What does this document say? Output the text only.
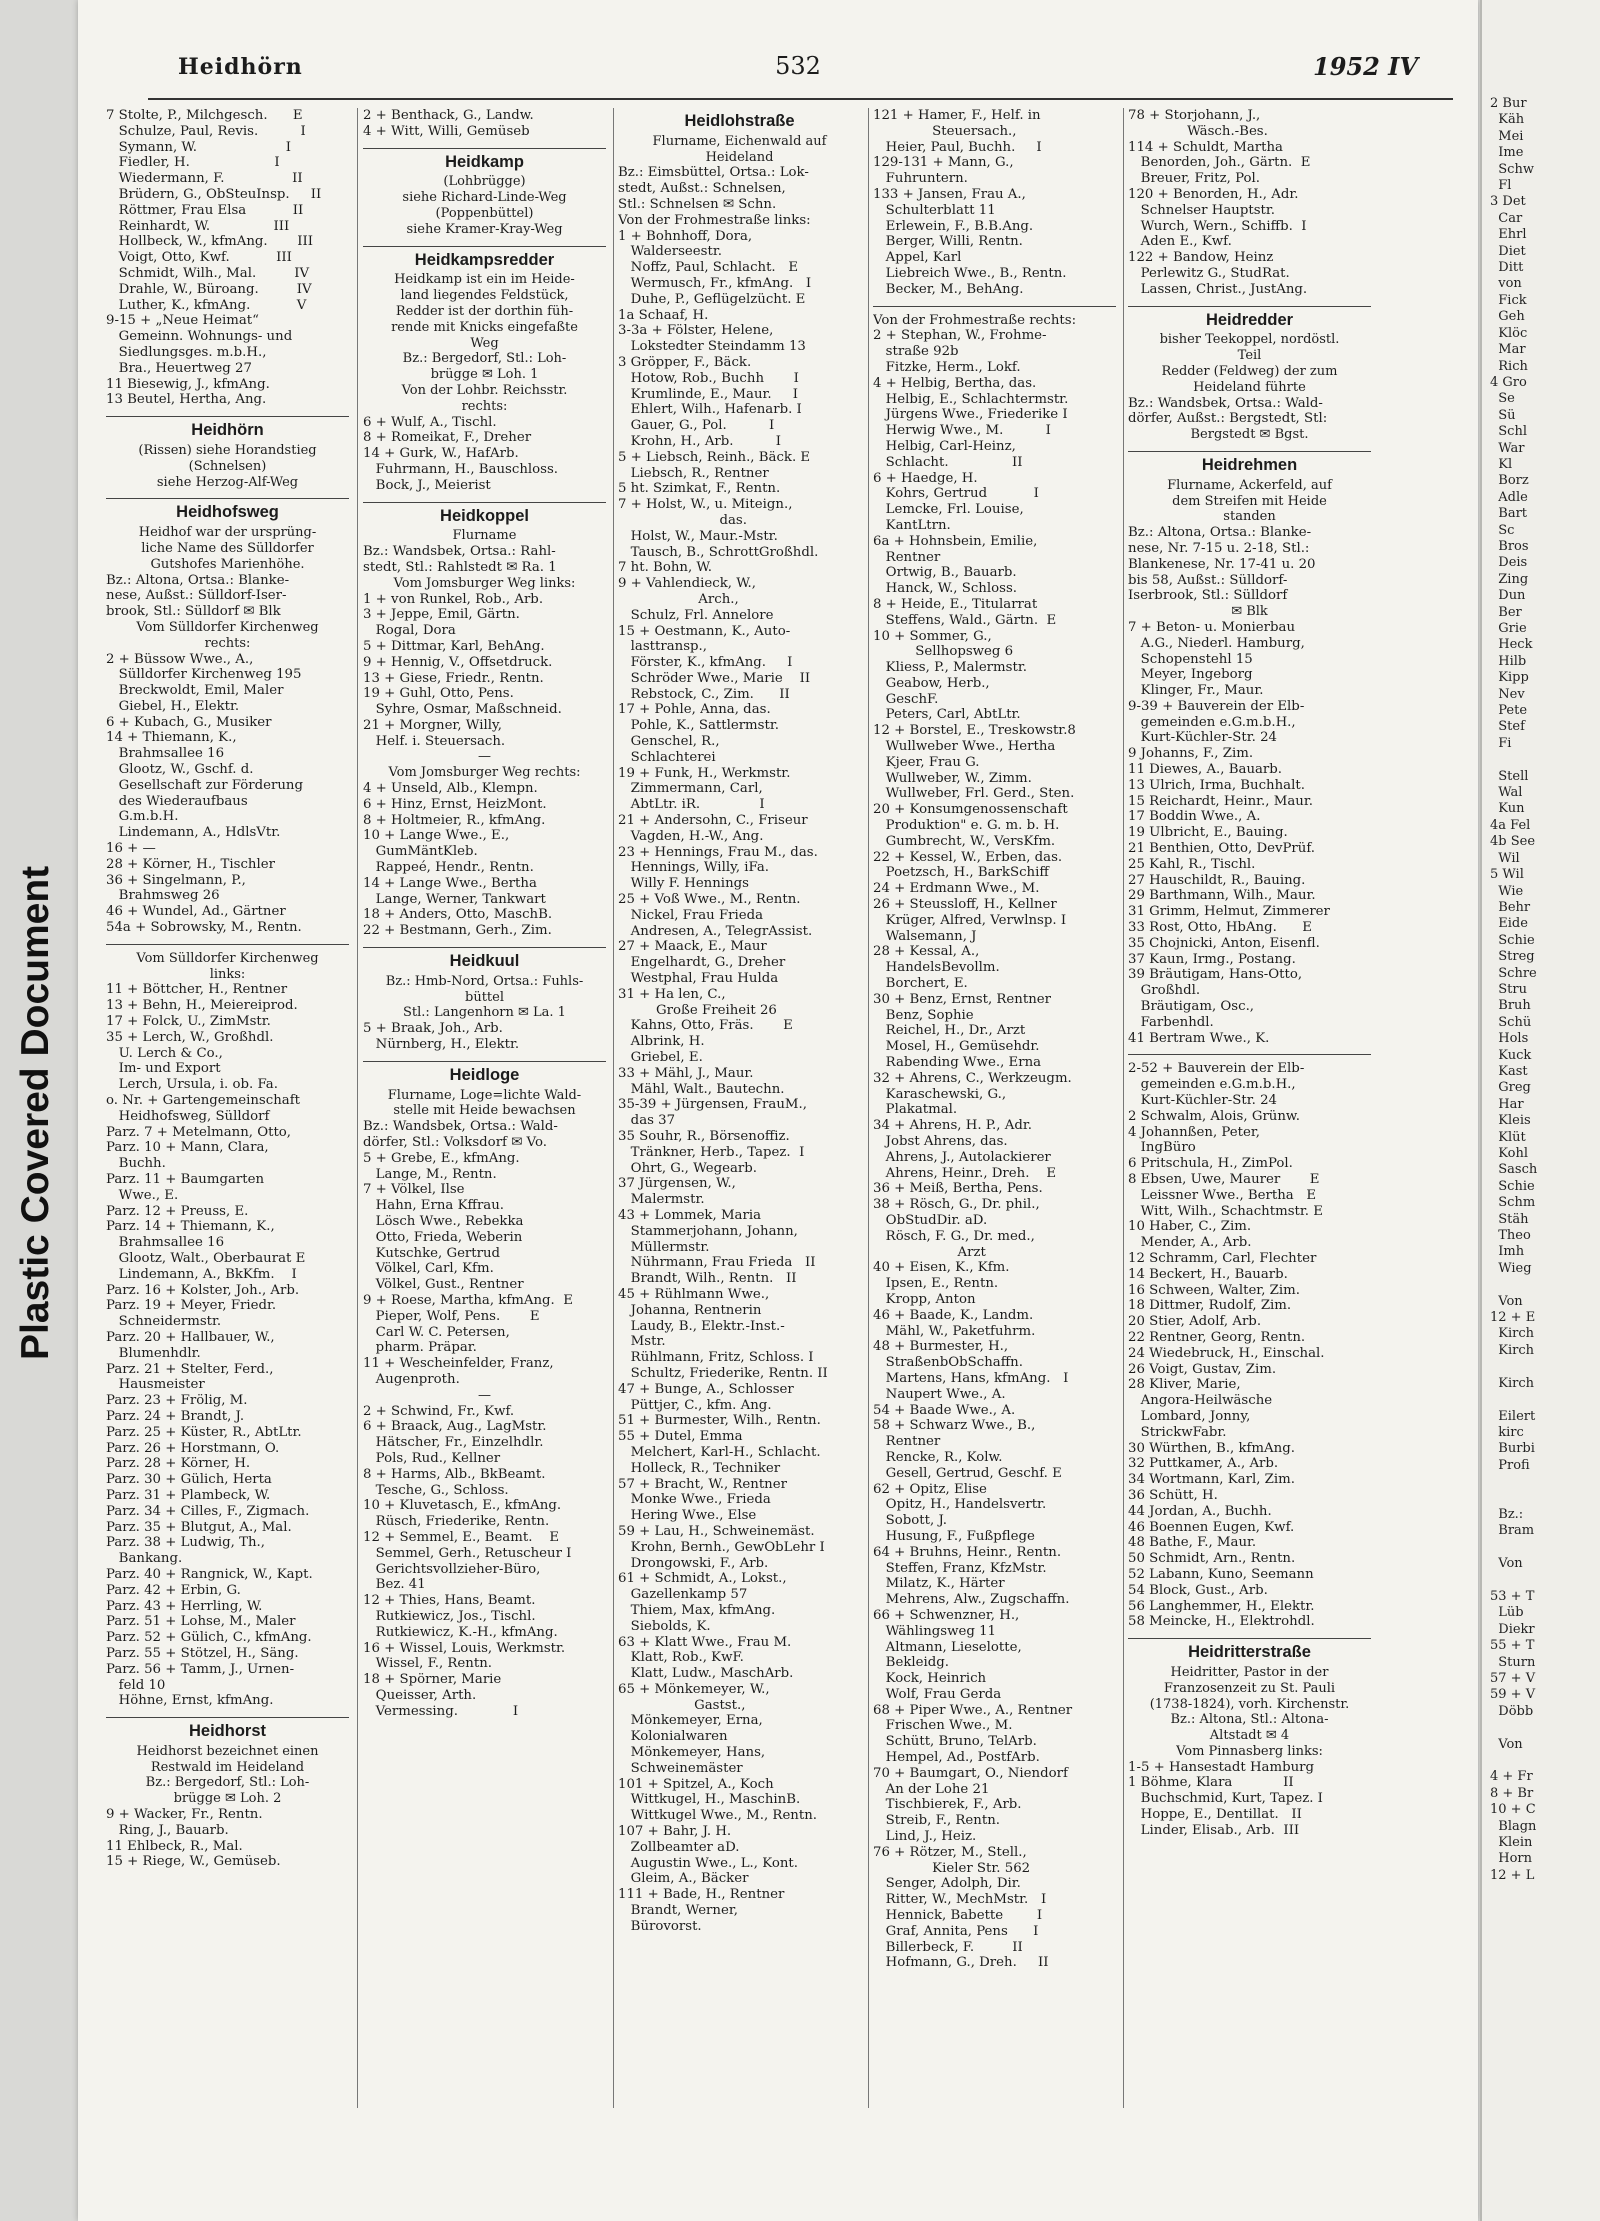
Heidhörn	532	1952 IV
7 Stolte, P., Milchgesch.      E
Schulze, Paul, Revis.          I
Symann, W.                     I
Fiedler, H.                    I
Wiedermann, F.                II
Brüdern, G., ObSteuInsp.     II
Röttmer, Frau Elsa           II
Reinhardt, W.               III
Hollbeck, W., kfmAng.       III
Voigt, Otto, Kwf.           III
Schmidt, Wilh., Mal.         IV
Drahle, W., Büroang.         IV
Luther, K., kfmAng.           V
9-15 + „Neue Heimat“
Gemeinn. Wohnungs- und
Siedlungsges. m.b.H.,
Bra., Heuertweg 27
11 Biesewig, J., kfmAng.
13 Beutel, Hertha, Ang.
Heidhörn
(Rissen) siehe Horandstieg
(Schnelsen)
siehe Herzog-Alf-Weg
Heidhofsweg
Heidhof war der ursprüng-
liche Name des Sülldorfer
Gutshofes Marienhöhe.
Bz.: Altona, Ortsa.: Blanke-
nese, Außst.: Sülldorf-Iser-
brook, Stl.: Sülldorf ✉ Blk
Vom Sülldorfer Kirchenweg
rechts:
2 + Büssow Wwe., A.,
Sülldorfer Kirchenweg 195
Breckwoldt, Emil, Maler
Giebel, H., Elektr.
6 + Kubach, G., Musiker
14 + Thiemann, K.,
Brahmsallee 16
Glootz, W., Gschf. d.
Gesellschaft zur Förderung
des Wiederaufbaus
G.m.b.H.
Lindemann, A., HdlsVtr.
16 + —
28 + Körner, H., Tischler
36 + Singelmann, P.,
Brahmsweg 26
46 + Wundel, Ad., Gärtner
54a + Sobrowsky, M., Rentn.
Vom Sülldorfer Kirchenweg
links:
11 + Böttcher, H., Rentner
13 + Behn, H., Meiereiprod.
17 + Folck, U., ZimMstr.
35 + Lerch, W., Großhdl.
U. Lerch & Co.,
Im- und Export
Lerch, Ursula, i. ob. Fa.
o. Nr. + Gartengemeinschaft
Heidhofsweg, Sülldorf
Parz. 7 + Metelmann, Otto,
Parz. 10 + Mann, Clara,
Buchh.
Parz. 11 + Baumgarten
Wwe., E.
Parz. 12 + Preuss, E.
Parz. 14 + Thiemann, K.,
Brahmsallee 16
Glootz, Walt., Oberbaurat E
Lindemann, A., BkKfm.    I
Parz. 16 + Kolster, Joh., Arb.
Parz. 19 + Meyer, Friedr.
Schneidermstr.
Parz. 20 + Hallbauer, W.,
Blumenhdlr.
Parz. 21 + Stelter, Ferd.,
Hausmeister
Parz. 23 + Frölig, M.
Parz. 24 + Brandt, J.
Parz. 25 + Küster, R., AbtLtr.
Parz. 26 + Horstmann, O.
Parz. 28 + Körner, H.
Parz. 30 + Gülich, Herta
Parz. 31 + Plambeck, W.
Parz. 34 + Cilles, F., Zigmach.
Parz. 35 + Blutgut, A., Mal.
Parz. 38 + Ludwig, Th.,
Bankang.
Parz. 40 + Rangnick, W., Kapt.
Parz. 42 + Erbin, G.
Parz. 43 + Herrling, W.
Parz. 51 + Lohse, M., Maler
Parz. 52 + Gülich, C., kfmAng.
Parz. 55 + Stötzel, H., Säng.
Parz. 56 + Tamm, J., Urnen-
feld 10
Höhne, Ernst, kfmAng.
Heidhorst
Heidhorst bezeichnet einen
Restwald im Heideland
Bz.: Bergedorf, Stl.: Loh-
brügge ✉ Loh. 2
9 + Wacker, Fr., Rentn.
Ring, J., Bauarb.
11 Ehlbeck, R., Mal.
15 + Riege, W., Gemüseb.
2 + Benthack, G., Landw.
4 + Witt, Willi, Gemüseb
Heidkamp
(Lohbrügge)
siehe Richard-Linde-Weg
(Poppenbüttel)
siehe Kramer-Kray-Weg
Heidkampsredder
Heidkamp ist ein im Heide-
land liegendes Feldstück,
Redder ist der dorthin füh-
rende mit Knicks eingefaßte
Weg
Bz.: Bergedorf, Stl.: Loh-
brügge ✉ Loh. 1
Von der Lohbr. Reichsstr.
rechts:
6 + Wulf, A., Tischl.
8 + Romeikat, F., Dreher
14 + Gurk, W., HafArb.
Fuhrmann, H., Bauschloss.
Bock, J., Meierist
Heidkoppel
Flurname
Bz.: Wandsbek, Ortsa.: Rahl-
stedt, Stl.: Rahlstedt ✉ Ra. 1
Vom Jomsburger Weg links:
1 + von Runkel, Rob., Arb.
3 + Jeppe, Emil, Gärtn.
Rogal, Dora
5 + Dittmar, Karl, BehAng.
9 + Hennig, V., Offsetdruck.
13 + Giese, Friedr., Rentn.
19 + Guhl, Otto, Pens.
Syhre, Osmar, Maßschneid.
21 + Morgner, Willy,
Helf. i. Steuersach.
—
Vom Jomsburger Weg rechts:
4 + Unseld, Alb., Klempn.
6 + Hinz, Ernst, HeizMont.
8 + Holtmeier, R., kfmAng.
10 + Lange Wwe., E.,
GumMäntKleb.
Rappeé, Hendr., Rentn.
14 + Lange Wwe., Bertha
Lange, Werner, Tankwart
18 + Anders, Otto, MaschB.
22 + Bestmann, Gerh., Zim.
Heidkuul
Bz.: Hmb-Nord, Ortsa.: Fuhls-
büttel
Stl.: Langenhorn ✉ La. 1
5 + Braak, Joh., Arb.
Nürnberg, H., Elektr.
Heidloge
Flurname, Loge=lichte Wald-
stelle mit Heide bewachsen
Bz.: Wandsbek, Ortsa.: Wald-
dörfer, Stl.: Volksdorf ✉ Vo.
5 + Grebe, E., kfmAng.
Lange, M., Rentn.
7 + Völkel, Ilse
Hahn, Erna Kffrau.
Lösch Wwe., Rebekka
Otto, Frieda, Weberin
Kutschke, Gertrud
Völkel, Carl, Kfm.
Völkel, Gust., Rentner
9 + Roese, Martha, kfmAng.  E
Pieper, Wolf, Pens.       E
Carl W. C. Petersen,
pharm. Präpar.
11 + Wescheinfelder, Franz,
Augenproth.
—
2 + Schwind, Fr., Kwf.
6 + Braack, Aug., LagMstr.
Hätscher, Fr., Einzelhdlr.
Pols, Rud., Kellner
8 + Harms, Alb., BkBeamt.
Tesche, G., Schloss.
10 + Kluvetasch, E., kfmAng.
Rüsch, Friederike, Rentn.
12 + Semmel, E., Beamt.    E
Semmel, Gerh., Retuscheur I
Gerichtsvollzieher-Büro,
Bez. 41
12 + Thies, Hans, Beamt.
Rutkiewicz, Jos., Tischl.
Rutkiewicz, K.-H., kfmAng.
16 + Wissel, Louis, Werkmstr.
Wissel, F., Rentn.
18 + Spörner, Marie
Queisser, Arth.
Vermessing.             I
Heidlohstraße
Flurname, Eichenwald auf
Heideland
Bz.: Eimsbüttel, Ortsa.: Lok-
stedt, Außst.: Schnelsen,
Stl.: Schnelsen ✉ Schn.
Von der Frohmestraße links:
1 + Bohnhoff, Dora,
Walderseestr.
Noffz, Paul, Schlacht.   E
Wermusch, Fr., kfmAng.   I
Duhe, P., Geflügelzücht. E
1a Schaaf, H.
3-3a + Fölster, Helene,
Lokstedter Steindamm 13
3 Gröpper, F., Bäck.
Hotow, Rob., Buchh       I
Krumlinde, E., Maur.     I
Ehlert, Wilh., Hafenarb. I
Gauer, G., Pol.          I
Krohn, H., Arb.          I
5 + Liebsch, Reinh., Bäck. E
Liebsch, R., Rentner
5 ht. Szimkat, F., Rentn.
7 + Holst, W., u. Miteign.,
das.
Holst, W., Maur.-Mstr.
Tausch, B., SchrottGroßhdl.
7 ht. Bohn, W.
9 + Vahlendieck, W.,
Arch.,
Schulz, Frl. Annelore
15 + Oestmann, K., Auto-
lasttransp.,
Förster, K., kfmAng.     I
Schröder Wwe., Marie    II
Rebstock, C., Zim.      II
17 + Pohle, Anna, das.
Pohle, K., Sattlermstr.
Genschel, R.,
Schlachterei
19 + Funk, H., Werkmstr.
Zimmermann, Carl,
AbtLtr. iR.              I
21 + Andersohn, C., Friseur
Vagden, H.-W., Ang.
23 + Hennings, Frau M., das.
Hennings, Willy, iFa.
Willy F. Hennings
25 + Voß Wwe., M., Rentn.
Nickel, Frau Frieda
Andresen, A., TelegrAssist.
27 + Maack, E., Maur
Engelhardt, G., Dreher
Westphal, Frau Hulda
31 + Ha len, C.,
Große Freiheit 26
Kahns, Otto, Fräs.       E
Albrink, H.
Griebel, E.
33 + Mähl, J., Maur.
Mähl, Walt., Bautechn.
35-39 + Jürgensen, FrauM.,
das 37
35 Souhr, R., Börsenoffiz.
Tränkner, Herb., Tapez.  I
Ohrt, G., Wegearb.
37 Jürgensen, W.,
Malermstr.
43 + Lommek, Maria
Stammerjohann, Johann,
Müllermstr.
Nührmann, Frau Frieda   II
Brandt, Wilh., Rentn.   II
45 + Rühlmann Wwe.,
Johanna, Rentnerin
Laudy, B., Elektr.-Inst.-
Mstr.
Rühlmann, Fritz, Schloss. I
Schultz, Friederike, Rentn. II
47 + Bunge, A., Schlosser
Püttjer, C., kfm. Ang.
51 + Burmester, Wilh., Rentn.
55 + Dutel, Emma
Melchert, Karl-H., Schlacht.
Holleck, R., Techniker
57 + Bracht, W., Rentner
Monke Wwe., Frieda
Hering Wwe., Else
59 + Lau, H., Schweinemäst.
Krohn, Bernh., GewObLehr I
Drongowski, F., Arb.
61 + Schmidt, A., Lokst.,
Gazellenkamp 57
Thiem, Max, kfmAng.
Siebolds, K.
63 + Klatt Wwe., Frau M.
Klatt, Rob., KwF.
Klatt, Ludw., MaschArb.
65 + Mönkemeyer, W.,
Gastst.,
Mönkemeyer, Erna,
Kolonialwaren
Mönkemeyer, Hans,
Schweinemäster
101 + Spitzel, A., Koch
Wittkugel, H., MaschinB.
Wittkugel Wwe., M., Rentn.
107 + Bahr, J. H.
Zollbeamter aD.
Augustin Wwe., L., Kont.
Gleim, A., Bäcker
111 + Bade, H., Rentner
Brandt, Werner,
Bürovorst.
121 + Hamer, F., Helf. in
Steuersach.,
Heier, Paul, Buchh.     I
129-131 + Mann, G.,
Fuhruntern.
133 + Jansen, Frau A.,
Schulterblatt 11
Erlewein, F., B.B.Ang.
Berger, Willi, Rentn.
Appel, Karl
Liebreich Wwe., B., Rentn.
Becker, M., BehAng.
Von der Frohmestraße rechts:
2 + Stephan, W., Frohme-
straße 92b
Fitzke, Herm., Lokf.
4 + Helbig, Bertha, das.
Helbig, E., Schlachtermstr.
Jürgens Wwe., Friederike I
Herwig Wwe., M.          I
Helbig, Carl-Heinz,
Schlacht.               II
6 + Haedge, H.
Kohrs, Gertrud           I
Lemcke, Frl. Louise,
KantLtrn.
6a + Hohnsbein, Emilie,
Rentner
Ortwig, B., Bauarb.
Hanck, W., Schloss.
8 + Heide, E., Titularrat
Steffens, Wald., Gärtn.  E
10 + Sommer, G.,
Sellhopsweg 6
Kliess, P., Malermstr.
Geabow, Herb.,
GeschF.
Peters, Carl, AbtLtr.
12 + Borstel, E., Treskowstr.8
Wullweber Wwe., Hertha
Kjeer, Frau G.
Wullweber, W., Zimm.
Wullweber, Frl. Gerd., Sten.
20 + Konsumgenossenschaft
Produktion" e. G. m. b. H.
Gumbrecht, W., VersKfm.
22 + Kessel, W., Erben, das.
Poetzsch, H., BarkSchiff
24 + Erdmann Wwe., M.
26 + Steussloff, H., Kellner
Krüger, Alfred, Verwlnsp. I
Walsemann, J
28 + Kessal, A.,
HandelsBevollm.
Borchert, E.
30 + Benz, Ernst, Rentner
Benz, Sophie
Reichel, H., Dr., Arzt
Mosel, H., Gemüsehdr.
Rabending Wwe., Erna
32 + Ahrens, C., Werkzeugm.
Karaschewski, G.,
Plakatmal.
34 + Ahrens, H. P., Adr.
Jobst Ahrens, das.
Ahrens, J., Autolackierer
Ahrens, Heinr., Dreh.    E
36 + Meiß, Bertha, Pens.
38 + Rösch, G., Dr. phil.,
ObStudDir. aD.
Rösch, F. G., Dr. med.,
Arzt
40 + Eisen, K., Kfm.
Ipsen, E., Rentn.
Kropp, Anton
46 + Baade, K., Landm.
Mähl, W., Paketfuhrm.
48 + Burmester, H.,
StraßenbObSchaffn.
Martens, Hans, kfmAng.   I
Naupert Wwe., A.
54 + Baade Wwe., A.
58 + Schwarz Wwe., B.,
Rentner
Rencke, R., Kolw.
Gesell, Gertrud, Geschf. E
62 + Opitz, Elise
Opitz, H., Handelsvertr.
Sobott, J.
Husung, F., Fußpflege
64 + Bruhns, Heinr., Rentn.
Steffen, Franz, KfzMstr.
Milatz, K., Härter
Mehrens, Alw., Zugschaffn.
66 + Schwenzner, H.,
Wählingsweg 11
Altmann, Lieselotte,
Bekleidg.
Kock, Heinrich
Wolf, Frau Gerda
68 + Piper Wwe., A., Rentner
Frischen Wwe., M.
Schütt, Bruno, TelArb.
Hempel, Ad., PostfArb.
70 + Baumgart, O., Niendorf
An der Lohe 21
Tischbierek, F., Arb.
Streib, F., Rentn.
Lind, J., Heiz.
76 + Rötzer, M., Stell.,
Kieler Str. 562
Senger, Adolph, Dir.
Ritter, W., MechMstr.   I
Hennick, Babette        I
Graf, Annita, Pens      I
Billerbeck, F.         II
Hofmann, G., Dreh.     II
78 + Storjohann, J.,
Wäsch.-Bes.
114 + Schuldt, Martha
Benorden, Joh., Gärtn.  E
Breuer, Fritz, Pol.
120 + Benorden, H., Adr.
Schnelser Hauptstr.
Wurch, Wern., Schiffb.  I
Aden E., Kwf.
122 + Bandow, Heinz
Perlewitz G., StudRat.
Lassen, Christ., JustAng.
Heidredder
bisher Teekoppel, nordöstl.
Teil
Redder (Feldweg) der zum
Heideland führte
Bz.: Wandsbek, Ortsa.: Wald-
dörfer, Außst.: Bergstedt, Stl:
Bergstedt ✉ Bgst.
Heidrehmen
Flurname, Ackerfeld, auf
dem Streifen mit Heide
standen
Bz.: Altona, Ortsa.: Blanke-
nese, Nr. 7-15 u. 2-18, Stl.:
Blankenese, Nr. 17-41 u. 20
bis 58, Außst.: Sülldorf-
Iserbrook, Stl.: Sülldorf
✉ Blk
7 + Beton- u. Monierbau
A.G., Niederl. Hamburg,
Schopenstehl 15
Meyer, Ingeborg
Klinger, Fr., Maur.
9-39 + Bauverein der Elb-
gemeinden e.G.m.b.H.,
Kurt-Küchler-Str. 24
9 Johanns, F., Zim.
11 Diewes, A., Bauarb.
13 Ulrich, Irma, Buchhalt.
15 Reichardt, Heinr., Maur.
17 Boddin Wwe., A.
19 Ulbricht, E., Bauing.
21 Benthien, Otto, DevPrüf.
25 Kahl, R., Tischl.
27 Hauschildt, R., Bauing.
29 Barthmann, Wilh., Maur.
31 Grimm, Helmut, Zimmerer
33 Rost, Otto, HbAng.      E
35 Chojnicki, Anton, Eisenfl.
37 Kaun, Irmg., Postang.
39 Bräutigam, Hans-Otto,
Großhdl.
Bräutigam, Osc.,
Farbenhdl.
41 Bertram Wwe., K.
2-52 + Bauverein der Elb-
gemeinden e.G.m.b.H.,
Kurt-Küchler-Str. 24
2 Schwalm, Alois, Grünw.
4 Johannßen, Peter,
IngBüro
6 Pritschula, H., ZimPol.
8 Ebsen, Uwe, Maurer       E
Leissner Wwe., Bertha   E
Witt, Wilh., Schachtmstr. E
10 Haber, C., Zim.
Mender, A., Arb.
12 Schramm, Carl, Flechter
14 Beckert, H., Bauarb.
16 Schween, Walter, Zim.
18 Dittmer, Rudolf, Zim.
20 Stier, Adolf, Arb.
22 Rentner, Georg, Rentn.
24 Wiedebruck, H., Einschal.
26 Voigt, Gustav, Zim.
28 Kliver, Marie,
Angora-Heilwäsche
Lombard, Jonny,
StrickwFabr.
30 Würthen, B., kfmAng.
32 Puttkamer, A., Arb.
34 Wortmann, Karl, Zim.
36 Schütt, H.
44 Jordan, A., Buchh.
46 Boennen Eugen, Kwf.
48 Bathe, F., Maur.
50 Schmidt, Arn., Rentn.
52 Labann, Kuno, Seemann
54 Block, Gust., Arb.
56 Langhemmer, H., Elektr.
58 Meincke, H., Elektrohdl.
Heidritterstraße
Heidritter, Pastor in der
Franzosenzeit zu St. Pauli
(1738-1824), vorh. Kirchenstr.
Bz.: Altona, Stl.: Altona-
Altstadt ✉ 4
Vom Pinnasberg links:
1-5 + Hansestadt Hamburg
1 Böhme, Klara            II
Buchschmid, Kurt, Tapez. I
Hoppe, E., Dentillat.   II
Linder, Elisab., Arb.  III
2 Bur
Käh
Mei
Ime
Schw
Fl
3 Det
Car
Ehrl
Diet
Ditt
von
Fick
Geh
Klöc
Mar
Rich
4 Gro
Se
Sü
Schl
War
Kl
Borz
Adle
Bart
Sc
Bros
Deis
Zing
Dun
Ber
Grie
Heck
Hilb
Kipp
Nev
Pete
Stef
Fi

Stell
Wal
Kun
4a Fel
4b See
Wil
5 Wil
Wie
Behr
Eide
Schie
Streg
Schre
Stru
Bruh
Schü
Hols
Kuck
Kast
Greg
Har
Kleis
Klüt
Kohl
Sasch
Schie
Schm
Stäh
Theo
Imh
Wieg

Von
12 + E
Kirch
Kirch

Kirch

Eilert
kirc
Burbi
Profi

Bz.:
Bram

Von

53 + T
Lüb
Diekr
55 + T
Sturn
57 + V
59 + V
Döbb

Von

4 + Fr
8 + Br
10 + C
Blagn
Klein
Horn
12 + L
Plastic Covered Document
